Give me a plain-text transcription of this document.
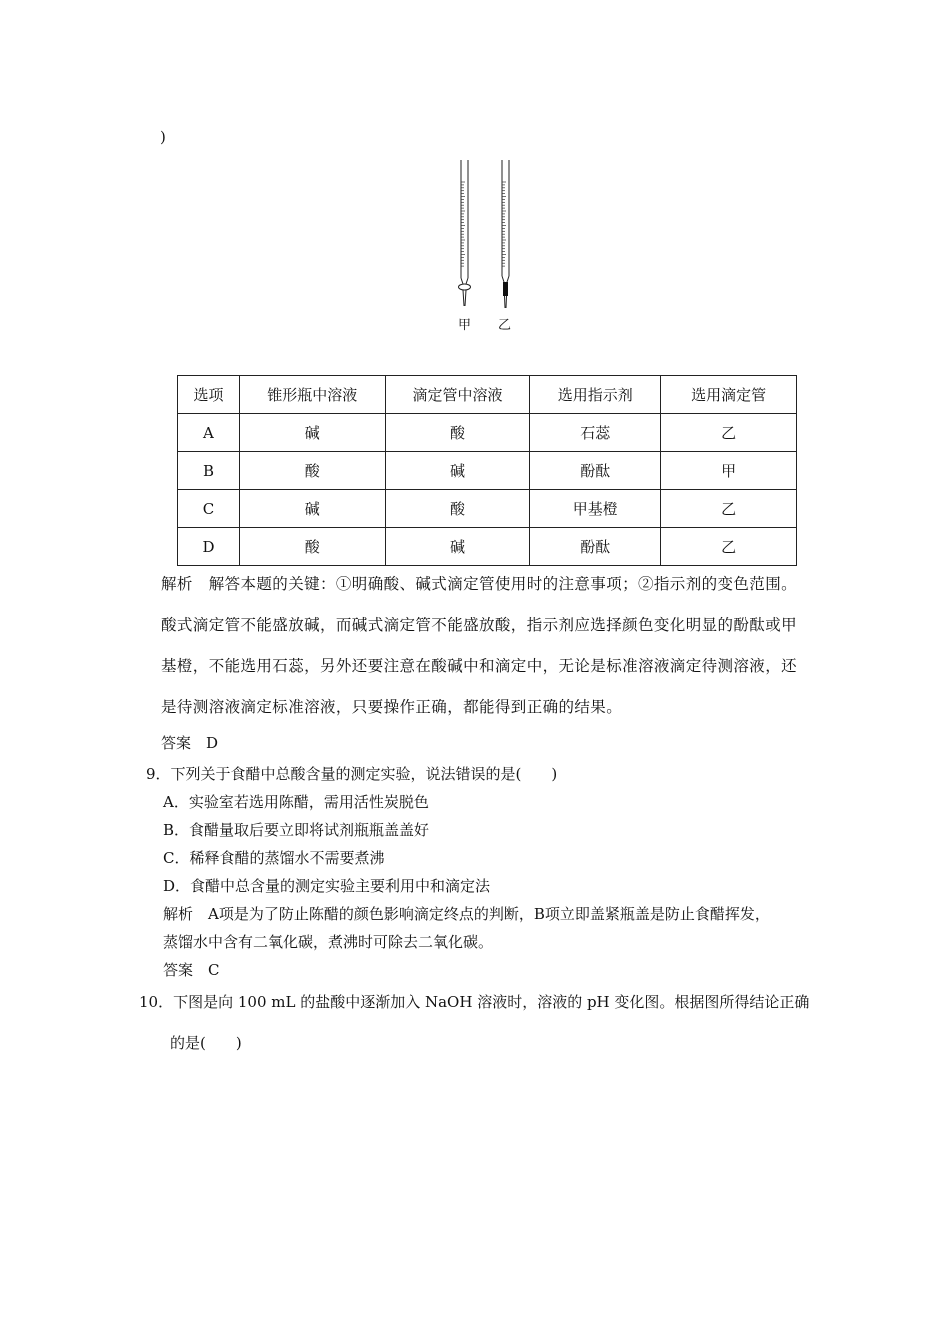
)
甲 乙
选项	锥形瓶中溶液	滴定管中溶液	选用指示剂	选用滴定管
A	碱	酸	石蕊	乙
B	酸	碱	酚酞	甲
C	碱	酸	甲基橙	乙
D	酸	碱	酚酞	乙
解析　解答本题的关键：①明确酸、碱式滴定管使用时的注意事项；②指示剂的变色范围。
酸式滴定管不能盛放碱，而碱式滴定管不能盛放酸，指示剂应选择颜色变化明显的酚酞或甲
基橙，不能选用石蕊，另外还要注意在酸碱中和滴定中，无论是标准溶液滴定待测溶液，还
是待测溶液滴定标准溶液，只要操作正确，都能得到正确的结果。
答案　D
9．下列关于食醋中总酸含量的测定实验，说法错误的是(　　)
A．实验室若选用陈醋，需用活性炭脱色
B．食醋量取后要立即将试剂瓶瓶盖盖好
C．稀释食醋的蒸馏水不需要煮沸
D．食醋中总含量的测定实验主要利用中和滴定法
解析　A项是为了防止陈醋的颜色影响滴定终点的判断，B项立即盖紧瓶盖是防止食醋挥发，
蒸馏水中含有二氧化碳，煮沸时可除去二氧化碳。
答案　C
10．下图是向 100 mL 的盐酸中逐渐加入 NaOH 溶液时，溶液的 pH 变化图。根据图所得结论正确
的是(　　)
